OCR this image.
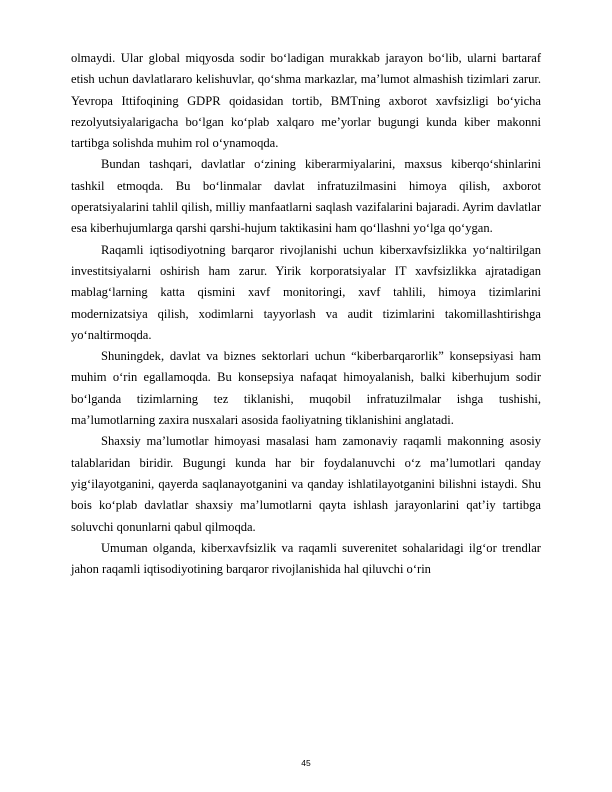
olmaydi. Ular global miqyosda sodir bo‘ladigan murakkab jarayon bo‘lib, ularni bartaraf etish uchun davlatlararo kelishuvlar, qo‘shma markazlar, ma’lumot almashish tizimlari zarur. Yevropa Ittifoqining GDPR qoidasidan tortib, BMTning axborot xavfsizligi bo‘yicha rezolyutsiyalarigacha bo‘lgan ko‘plab xalqaro me’yorlar bugungi kunda kiber makonni tartibga solishda muhim rol o‘ynamoqda.

Bundan tashqari, davlatlar o‘zining kiberarmiyalarini, maxsus kiberqo‘shinlarini tashkil etmoqda. Bu bo‘linmalar davlat infratuzilmasini himoya qilish, axborot operatsiyalarini tahlil qilish, milliy manfaatlarni saqlash vazifalarini bajaradi. Ayrim davlatlar esa kiberhujumlarga qarshi qarshi-hujum taktikasini ham qo‘llashni yo‘lga qo‘ygan.

Raqamli iqtisodiyotning barqaror rivojlanishi uchun kiberxavfsizlikka yo‘naltirilgan investitsiyalarni oshirish ham zarur. Yirik korporatsiyalar IT xavfsizlikka ajratadigan mablag‘larning katta qismini xavf monitoringi, xavf tahlili, himoya tizimlarini modernizatsiya qilish, xodimlarni tayyorlash va audit tizimlarini takomillashtirishga yo‘naltirmoqda.

Shuningdek, davlat va biznes sektorlari uchun “kiberbarqarorlik” konsepsiyasi ham muhim o‘rin egallamoqda. Bu konsepsiya nafaqat himoyalanish, balki kiberhujum sodir bo‘lganda tizimlarning tez tiklanishi, muqobil infratuzilmalar ishga tushishi, ma’lumotlarning zaxira nusxalari asosida faoliyatning tiklanishini anglatadi.

Shaxsiy ma’lumotlar himoyasi masalasi ham zamonaviy raqamli makonning asosiy talablaridan biridir. Bugungi kunda har bir foydalanuvchi o‘z ma’lumotlari qanday yig‘ilayotganini, qayerda saqlanayotganini va qanday ishlatilayotganini bilishni istaydi. Shu bois ko‘plab davlatlar shaxsiy ma’lumotlarni qayta ishlash jarayonlarini qat’iy tartibga soluvchi qonunlarni qabul qilmoqda.

Umuman olganda, kiberxavfsizlik va raqamli suverenitet sohalaridagi ilg‘or trendlar jahon raqamli iqtisodiyotining barqaror rivojlanishida hal qiluvchi o‘rin

45
